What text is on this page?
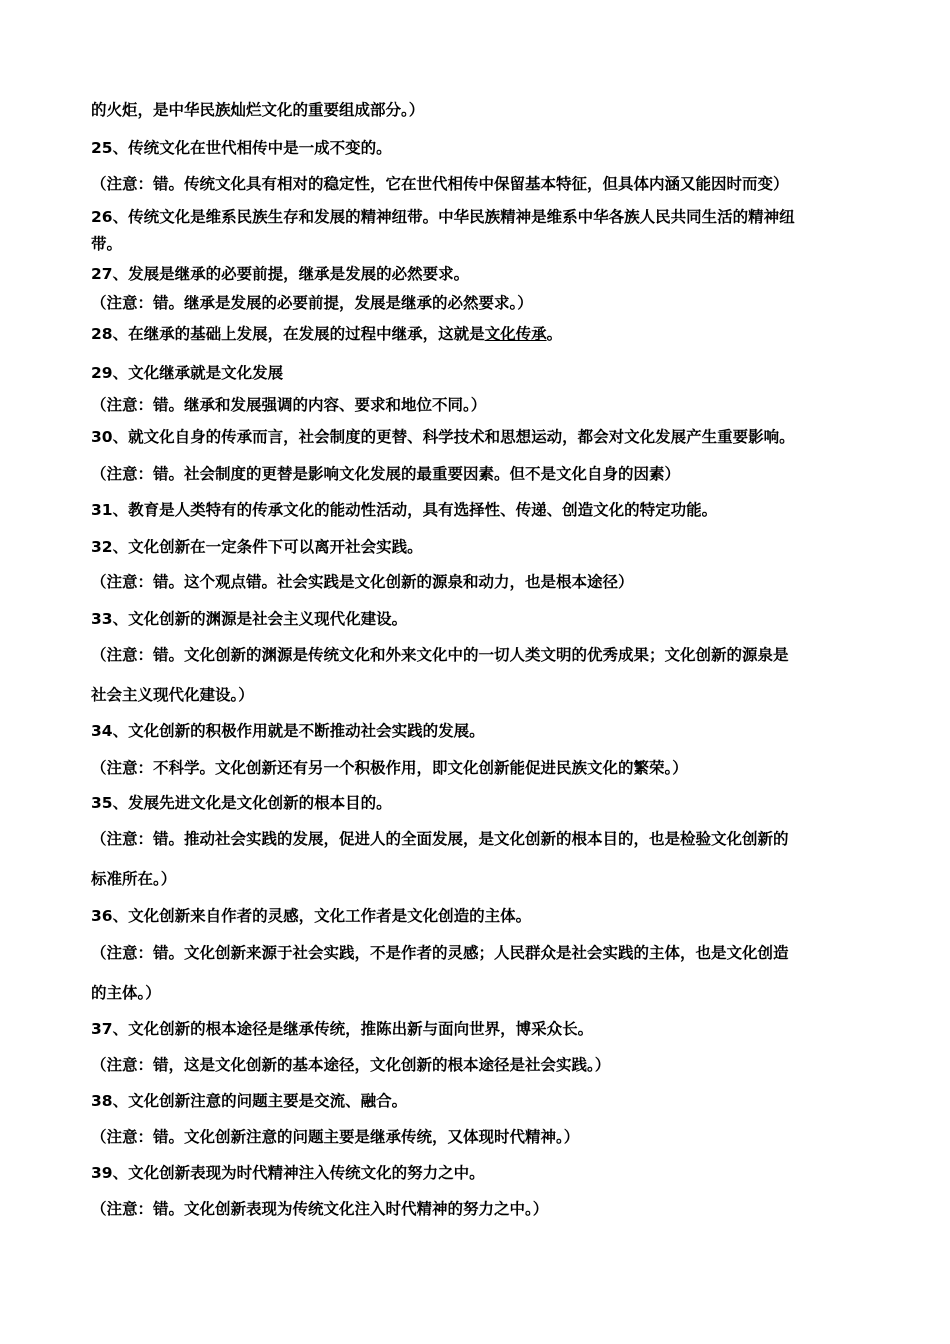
的火炬，是中华民族灿烂文化的重要组成部分。）
25、传统文化在世代相传中是一成不变的。
（注意：错。传统文化具有相对的稳定性，它在世代相传中保留基本特征，但具体内涵又能因时而变）
26、传统文化是维系民族生存和发展的精神纽带。中华民族精神是维系中华各族人民共同生活的精神纽
带。
27、发展是继承的必要前提，继承是发展的必然要求。
（注意：错。继承是发展的必要前提，发展是继承的必然要求。）
28、在继承的基础上发展，在发展的过程中继承，这就是文化传承。
29、文化继承就是文化发展
（注意：错。继承和发展强调的内容、要求和地位不同。）
30、就文化自身的传承而言，社会制度的更替、科学技术和思想运动，都会对文化发展产生重要影响。
（注意：错。社会制度的更替是影响文化发展的最重要因素。但不是文化自身的因素）
31、教育是人类特有的传承文化的能动性活动，具有选择性、传递、创造文化的特定功能。
32、文化创新在一定条件下可以离开社会实践。
（注意：错。这个观点错。社会实践是文化创新的源泉和动力，也是根本途径）
33、文化创新的渊源是社会主义现代化建设。
（注意：错。文化创新的渊源是传统文化和外来文化中的一切人类文明的优秀成果；文化创新的源泉是
社会主义现代化建设。）
34、文化创新的积极作用就是不断推动社会实践的发展。
（注意：不科学。文化创新还有另一个积极作用，即文化创新能促进民族文化的繁荣。）
35、发展先进文化是文化创新的根本目的。
（注意：错。推动社会实践的发展，促进人的全面发展，是文化创新的根本目的，也是检验文化创新的
标准所在。）
36、文化创新来自作者的灵感，文化工作者是文化创造的主体。
（注意：错。文化创新来源于社会实践，不是作者的灵感；人民群众是社会实践的主体，也是文化创造
的主体。）
37、文化创新的根本途径是继承传统，推陈出新与面向世界，博采众长。
（注意：错，这是文化创新的基本途径，文化创新的根本途径是社会实践。）
38、文化创新注意的问题主要是交流、融合。
（注意：错。文化创新注意的问题主要是继承传统，又体现时代精神。）
39、文化创新表现为时代精神注入传统文化的努力之中。
（注意：错。文化创新表现为传统文化注入时代精神的努力之中。）
